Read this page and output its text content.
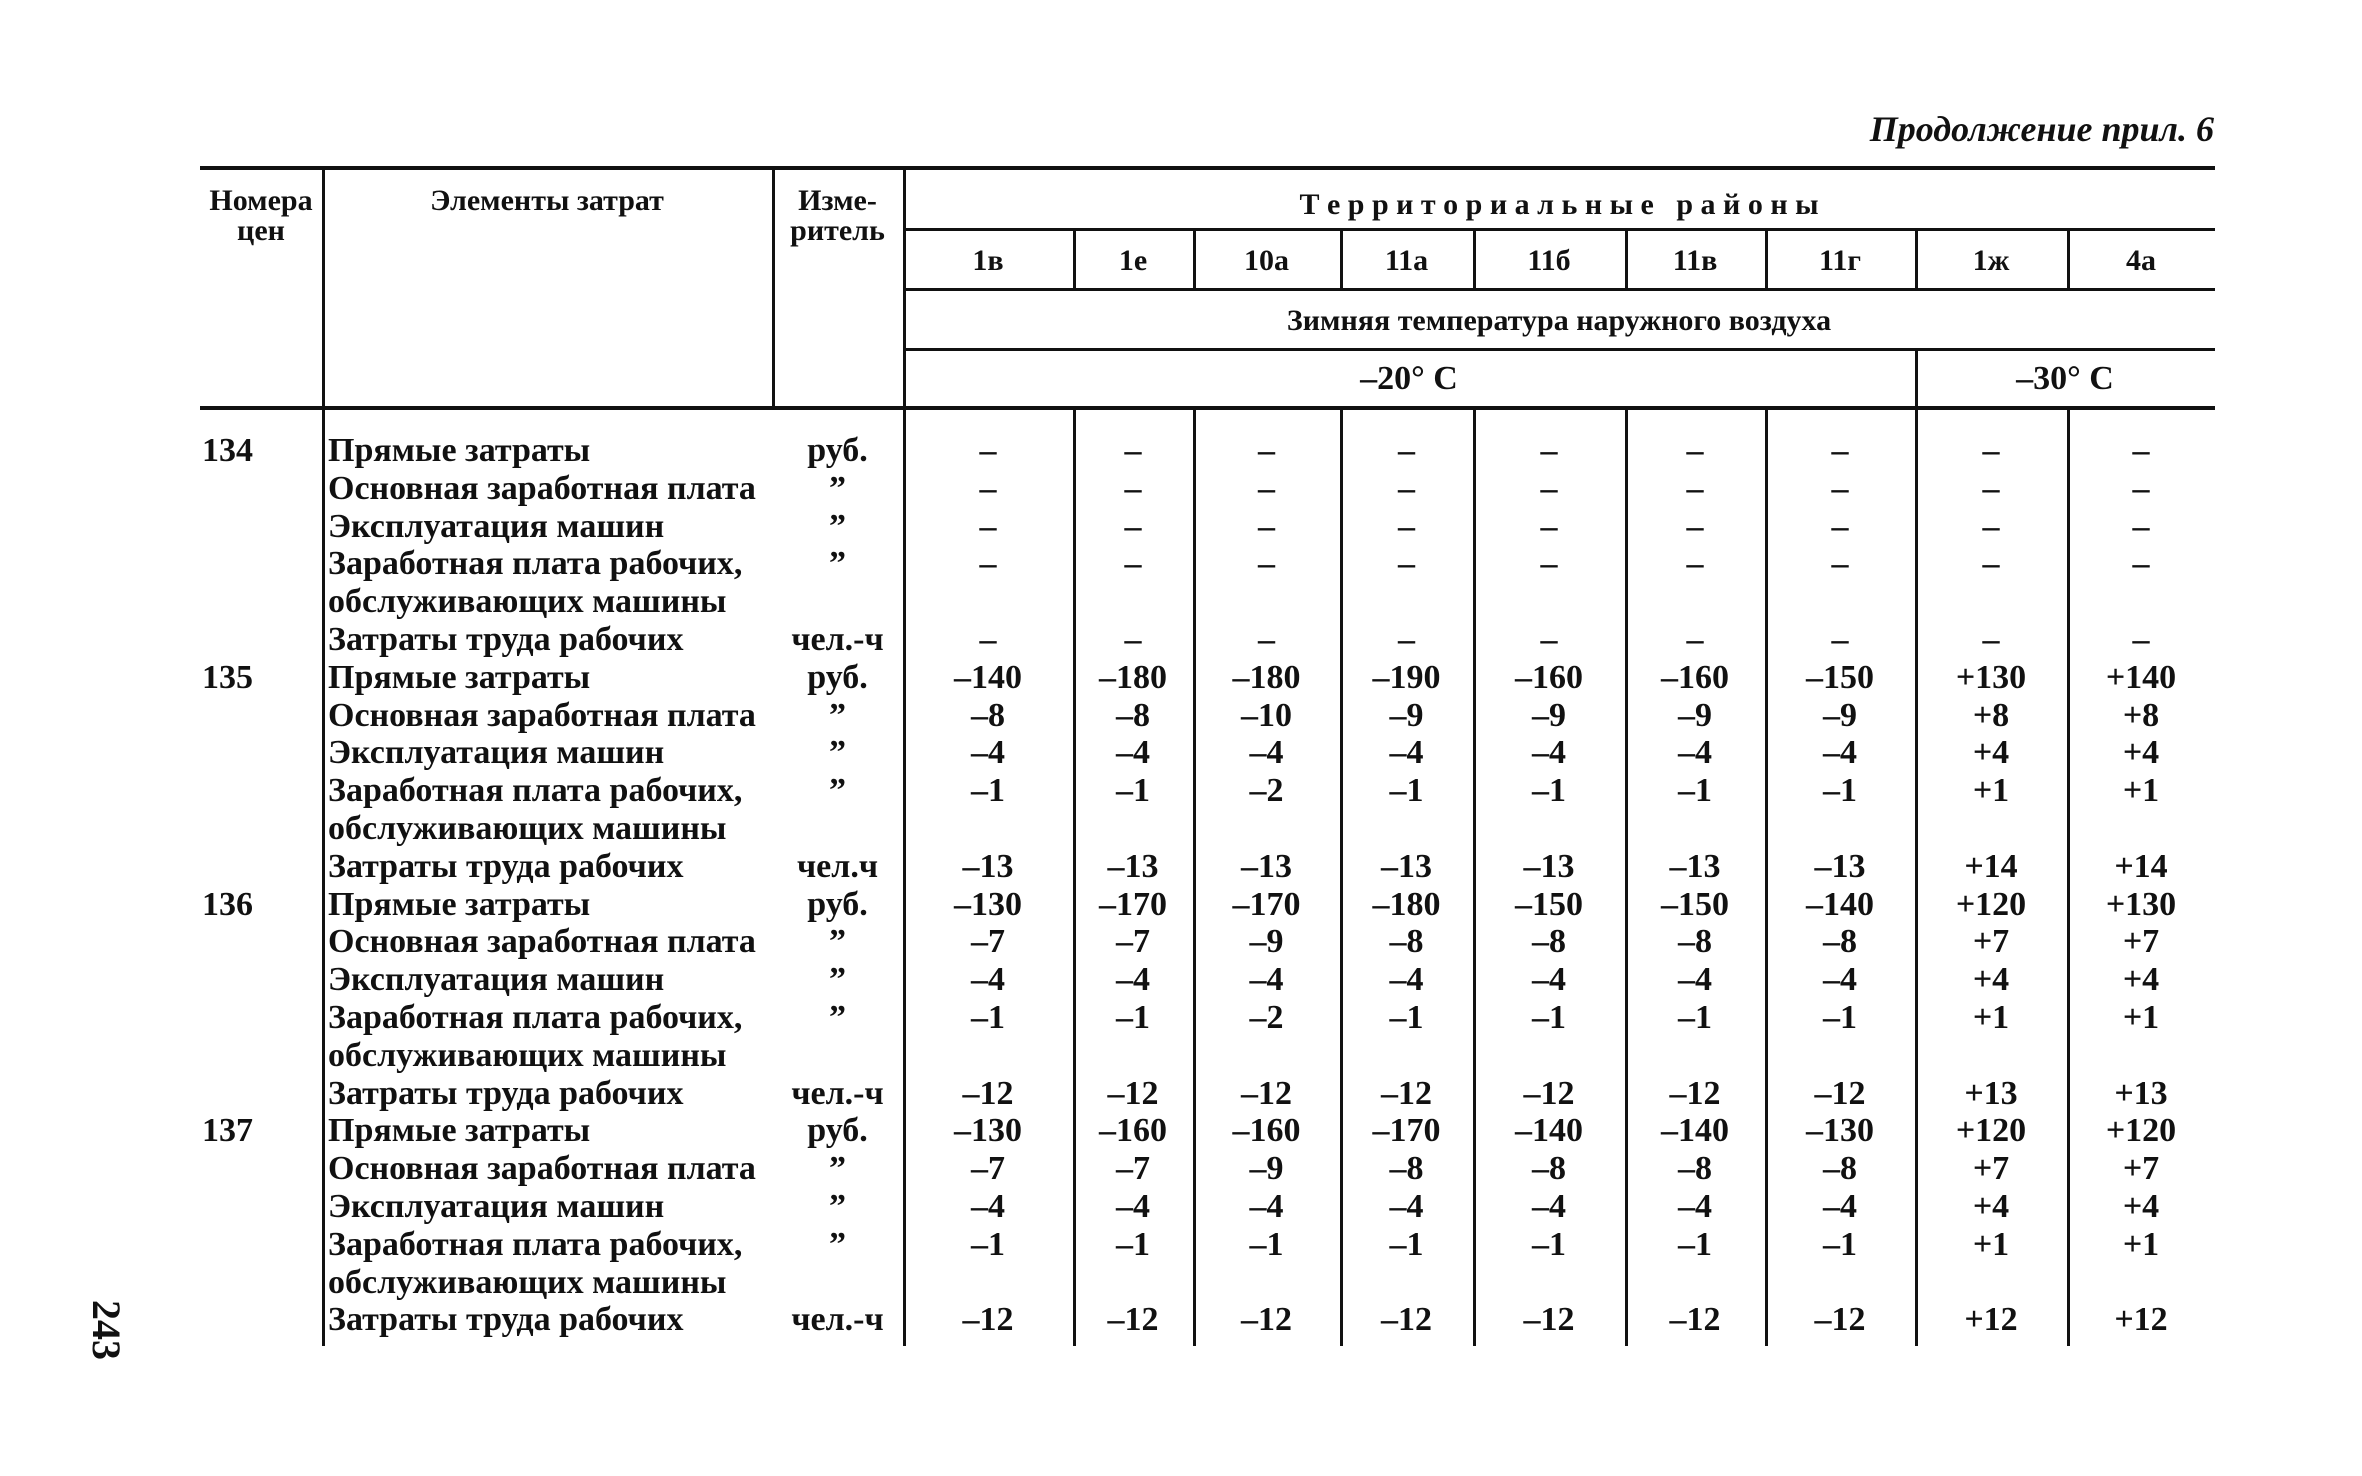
Продолжение прил. 6
243
Номера
цен
Элементы затрат	Изме-
ритель
Т е р р и т о р и а л ь н ы е   р а й о н ы
1в	1е	10а	11а	11б	11в	11г	1ж	4а
Зимняя температура наружного воздуха
–20° С	–30° С
134 Прямые затраты	руб.	–	–	–	–	–	–	–	–	–
Основная заработная плата	”	–	–	–	–	–	–	–	–	–
Эксплуатация машин	”	–	–	–	–	–	–	–	–	–
Заработная плата рабочих,	”	–	–	–	–	–	–	–	–	–
обслуживающих машины
Затраты труда рабочих	чел.-ч	–	–	–	–	–	–	–	–	–
135 Прямые затраты	руб.	–140	–180	–180	–190	–160	–160	–150	+130	+140
Основная заработная плата	”	–8	–8	–10	–9	–9	–9	–9	+8	+8
Эксплуатация машин	”	–4	–4	–4	–4	–4	–4	–4	+4	+4
Заработная плата рабочих,	”	–1	–1	–2	–1	–1	–1	–1	+1	+1
обслуживающих машины
Затраты труда рабочих	чел.ч	–13	–13	–13	–13	–13	–13	–13	+14	+14
136 Прямые затраты	руб.	–130	–170	–170	–180	–150	–150	–140	+120	+130
Основная заработная плата	”	–7	–7	–9	–8	–8	–8	–8	+7	+7
Эксплуатация машин	”	–4	–4	–4	–4	–4	–4	–4	+4	+4
Заработная плата рабочих,	”	–1	–1	–2	–1	–1	–1	–1	+1	+1
обслуживающих машины
Затраты труда рабочих	чел.-ч	–12	–12	–12	–12	–12	–12	–12	+13	+13
137 Прямые затраты	руб.	–130	–160	–160	–170	–140	–140	–130	+120	+120
Основная заработная плата	”	–7	–7	–9	–8	–8	–8	–8	+7	+7
Эксплуатация машин	”	–4	–4	–4	–4	–4	–4	–4	+4	+4
Заработная плата рабочих,	”	–1	–1	–1	–1	–1	–1	–1	+1	+1
обслуживающих машины
Затраты труда рабочих	чел.-ч	–12	–12	–12	–12	–12	–12	–12	+12	+12
